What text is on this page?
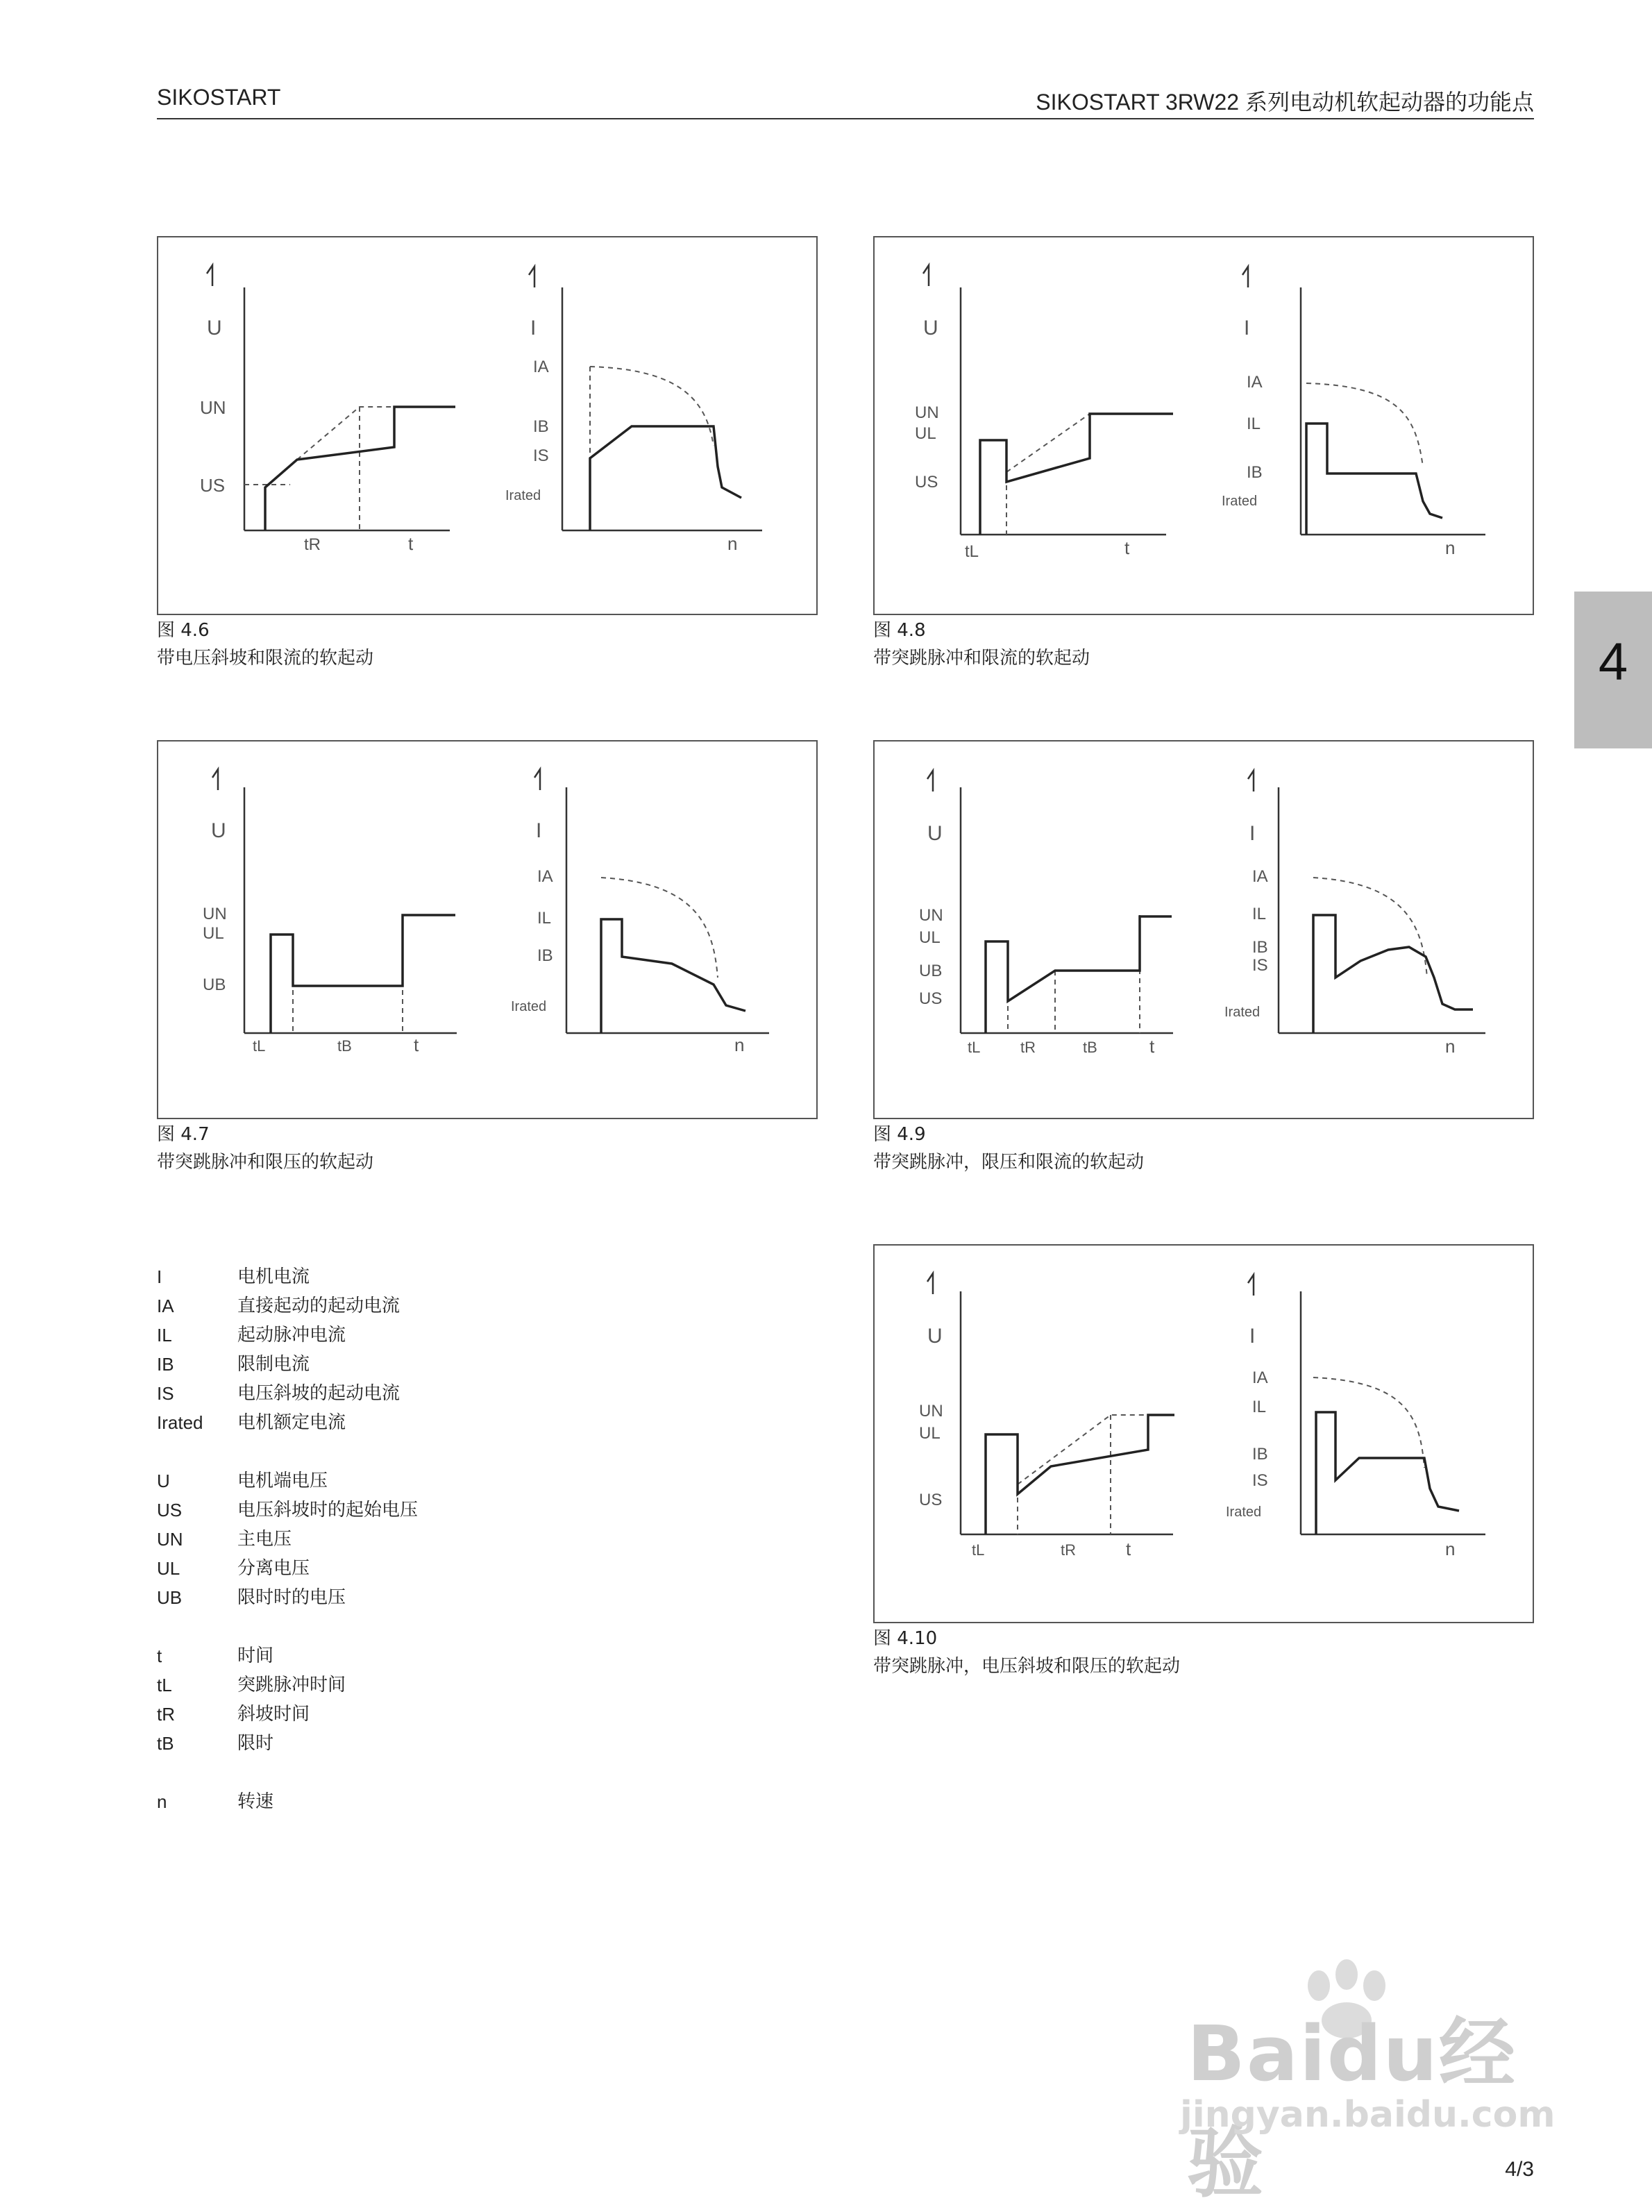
SIKOSTART	SIKOSTART 3RW22 系列电动机软起动器的功能点
4
U
UN
US
tR	t
I
IA
IB
IS
Irated
n
图 4.6
带电压斜坡和限流的软起动
U
UN
UL
US
tL	t
I
IA
IL
IB
Irated
n
图 4.8
带突跳脉冲和限流的软起动
U
UN
UL
UB
tL	tB	t
I
IA
IL
IB
Irated
n
图 4.7
带突跳脉冲和限压的软起动
U
UN
UL
UB
US
tL	tR	tB	t
I
IA
IL
IB
IS
Irated
n
图 4.9
带突跳脉冲，限压和限流的软起动
U
UN
UL
US
tL	tR	t
I
IA
IL
IB
IS
Irated
n
图 4.10
带突跳脉冲，电压斜坡和限压的软起动
I	电机电流
IA	直接起动的起动电流
IL	起动脉冲电流
IB	限制电流
IS	电压斜坡的起动电流
Irated	电机额定电流
U	电机端电压
US	电压斜坡时的起始电压
UN	主电压
UL	分离电压
UB	限时时的电压
t	时间
tL	突跳脉冲时间
tR	斜坡时间
tB	限时
n	转速
Baidu经验
jingyan.baidu.com
4/3
